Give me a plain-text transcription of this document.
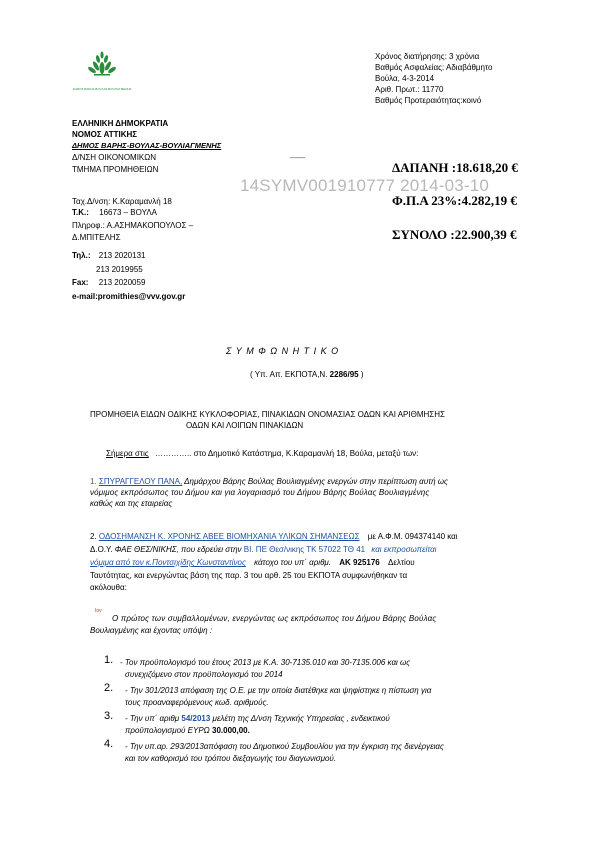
ΔΗΜΟΣ ΒΑΡΗΣ-ΒΟΥΛΑΣ-ΒΟΥΛΙΑΓΜΕΝΗΣ
Χρόνος διατήρησης: 3 χρόνια
Βαθμός Ασφαλείας: Αδιαβάθμητο
Βούλα, 4-3-2014
Αριθ. Πρωτ.: 11770
Βαθμός Προτεραιότητας:κοινό
ΕΛΛΗΝΙΚΗ ΔΗΜΟΚΡΑΤΙΑ
ΝΟΜΟΣ ΑΤΤΙΚΗΣ
ΔΗΜΟΣ ΒΑΡΗΣ-ΒΟΥΛΑΣ-ΒΟΥΛΙΑΓΜΕΝΗΣ
Δ/ΝΣΗ ΟΙΚΟΝΟΜΙΚΩΝ
ΤΜΗΜΑ ΠΡΟΜΗΘΕΙΩΝ
___
14SYMV001910777 2014-03-10
ΔΑΠΑΝΗ :18.618,20 €
Φ.Π.Α 23%:4.282,19 €
ΣΥΝΟΛΟ :22.900,39 €
Ταχ.Δ/νση: Κ.Καραμανλή 18
Τ.Κ.: 16673 – ΒΟΥΛΑ
Πληροφ.: Α.ΑΣΗΜΑΚΟΠΟΥΛΟΣ –
Δ.ΜΠΙΤΕΛΗΣ
Τηλ.: 213 2020131
213 2019955
Fax: 213 2020059
e-mail:promithies@vvv.gov.gr
Σ Υ Μ Φ Ω Ν Η Τ Ι Κ Ο
( Υπ. Απ. ΕΚΠΟΤΑ,Ν. 2286/95 )
ΠΡΟΜΗΘΕΙΑ ΕΙΔΩΝ ΟΔΙΚΗΣ ΚΥΚΛΟΦΟΡΙΑΣ, ΠΙΝΑΚΙΔΩΝ ΟΝΟΜΑΣΙΑΣ ΟΔΩΝ ΚΑΙ ΑΡΙΘΜΗΣΗΣ
ΟΔΩΝ ΚΑΙ ΛΟΙΠΩΝ ΠΙΝΑΚΙΔΩΝ
Σήμερα στις ………….. στο Δημοτικό Κατάστημα, Κ.Καραμανλή 18, Βούλα, μεταξύ των:
1. ΣΠΥΡΑΓΓΕΛΟΥ ΠΑΝΑ, Δημάρχου Βάρης Βούλας Βουλιαγμένης ενεργών στην περίπτωση αυτή ως
νόμιμος εκπρόσωπος του Δήμου και για λογαριασμό του Δήμου Βάρης Βούλας Βουλιαγμένης
καθώς και της εταιρείας
2. ΟΔΟΣΗΜΑΝΣΗ Κ. ΧΡΟΝΗΣ ΑΒΕΕ ΒΙΟΜΗΧΑΝΙΑ ΥΛΙΚΩΝ ΣΗΜΑΝΣΕΩΣ με Α.Φ.Μ. 094374140 και
Δ.Ο.Υ. ΦΑΕ ΘΕΣ/ΝΙΚΗΣ, που εδρεύει στην ΒΙ. ΠΕ Θεσ/νικης ΤΚ 57022 ΤΘ 41 και εκπροσωπείται
νόμιμα από τον κ.Ποντσιχίδης Κωνσταντίνος κάτοχο του υπ΄ αριθμ. ΑΚ 925176 Δελτίου
Ταυτότητας, και ενεργώντας βάση της παρ. 3 του αρθ. 25 του ΕΚΠΟΤΑ συμφωνήθηκαν τα
ακόλουθα:
Ιον
Ο πρώτος των συμβαλλομένων, ενεργώντας ως εκπρόσωπος του Δήμου Βάρης Βούλας
Βουλιαγμένης και έχοντας υπόψη :
1. - Τον προϋπολογισμό του έτους 2013 με Κ.Α. 30-7135.010 και 30-7135.006 και ως
συνεχιζόμενο στον προϋπολογισμό του 2014
2. - Την 301/2013 απόφαση της Ο.Ε. με την οποία διατέθηκε και ψηφίστηκε η πίστωση για
τους προαναφερόμενους κωδ. αριθμούς.
3. - Την υπ΄ αριθμ 54/2013 μελέτη της Δ/νση Τεχνικής Υπηρεσίας , ενδεικτικού
προϋπολογισμού ΕΥΡΩ 30.000,00.
4. - Την υπ.αρ. 293/2013απόφαση του Δημοτικού Συμβουλίου για την έγκριση της διενέργειας
και τον καθορισμό του τρόπου διεξαγωγής του διαγωνισμού.
